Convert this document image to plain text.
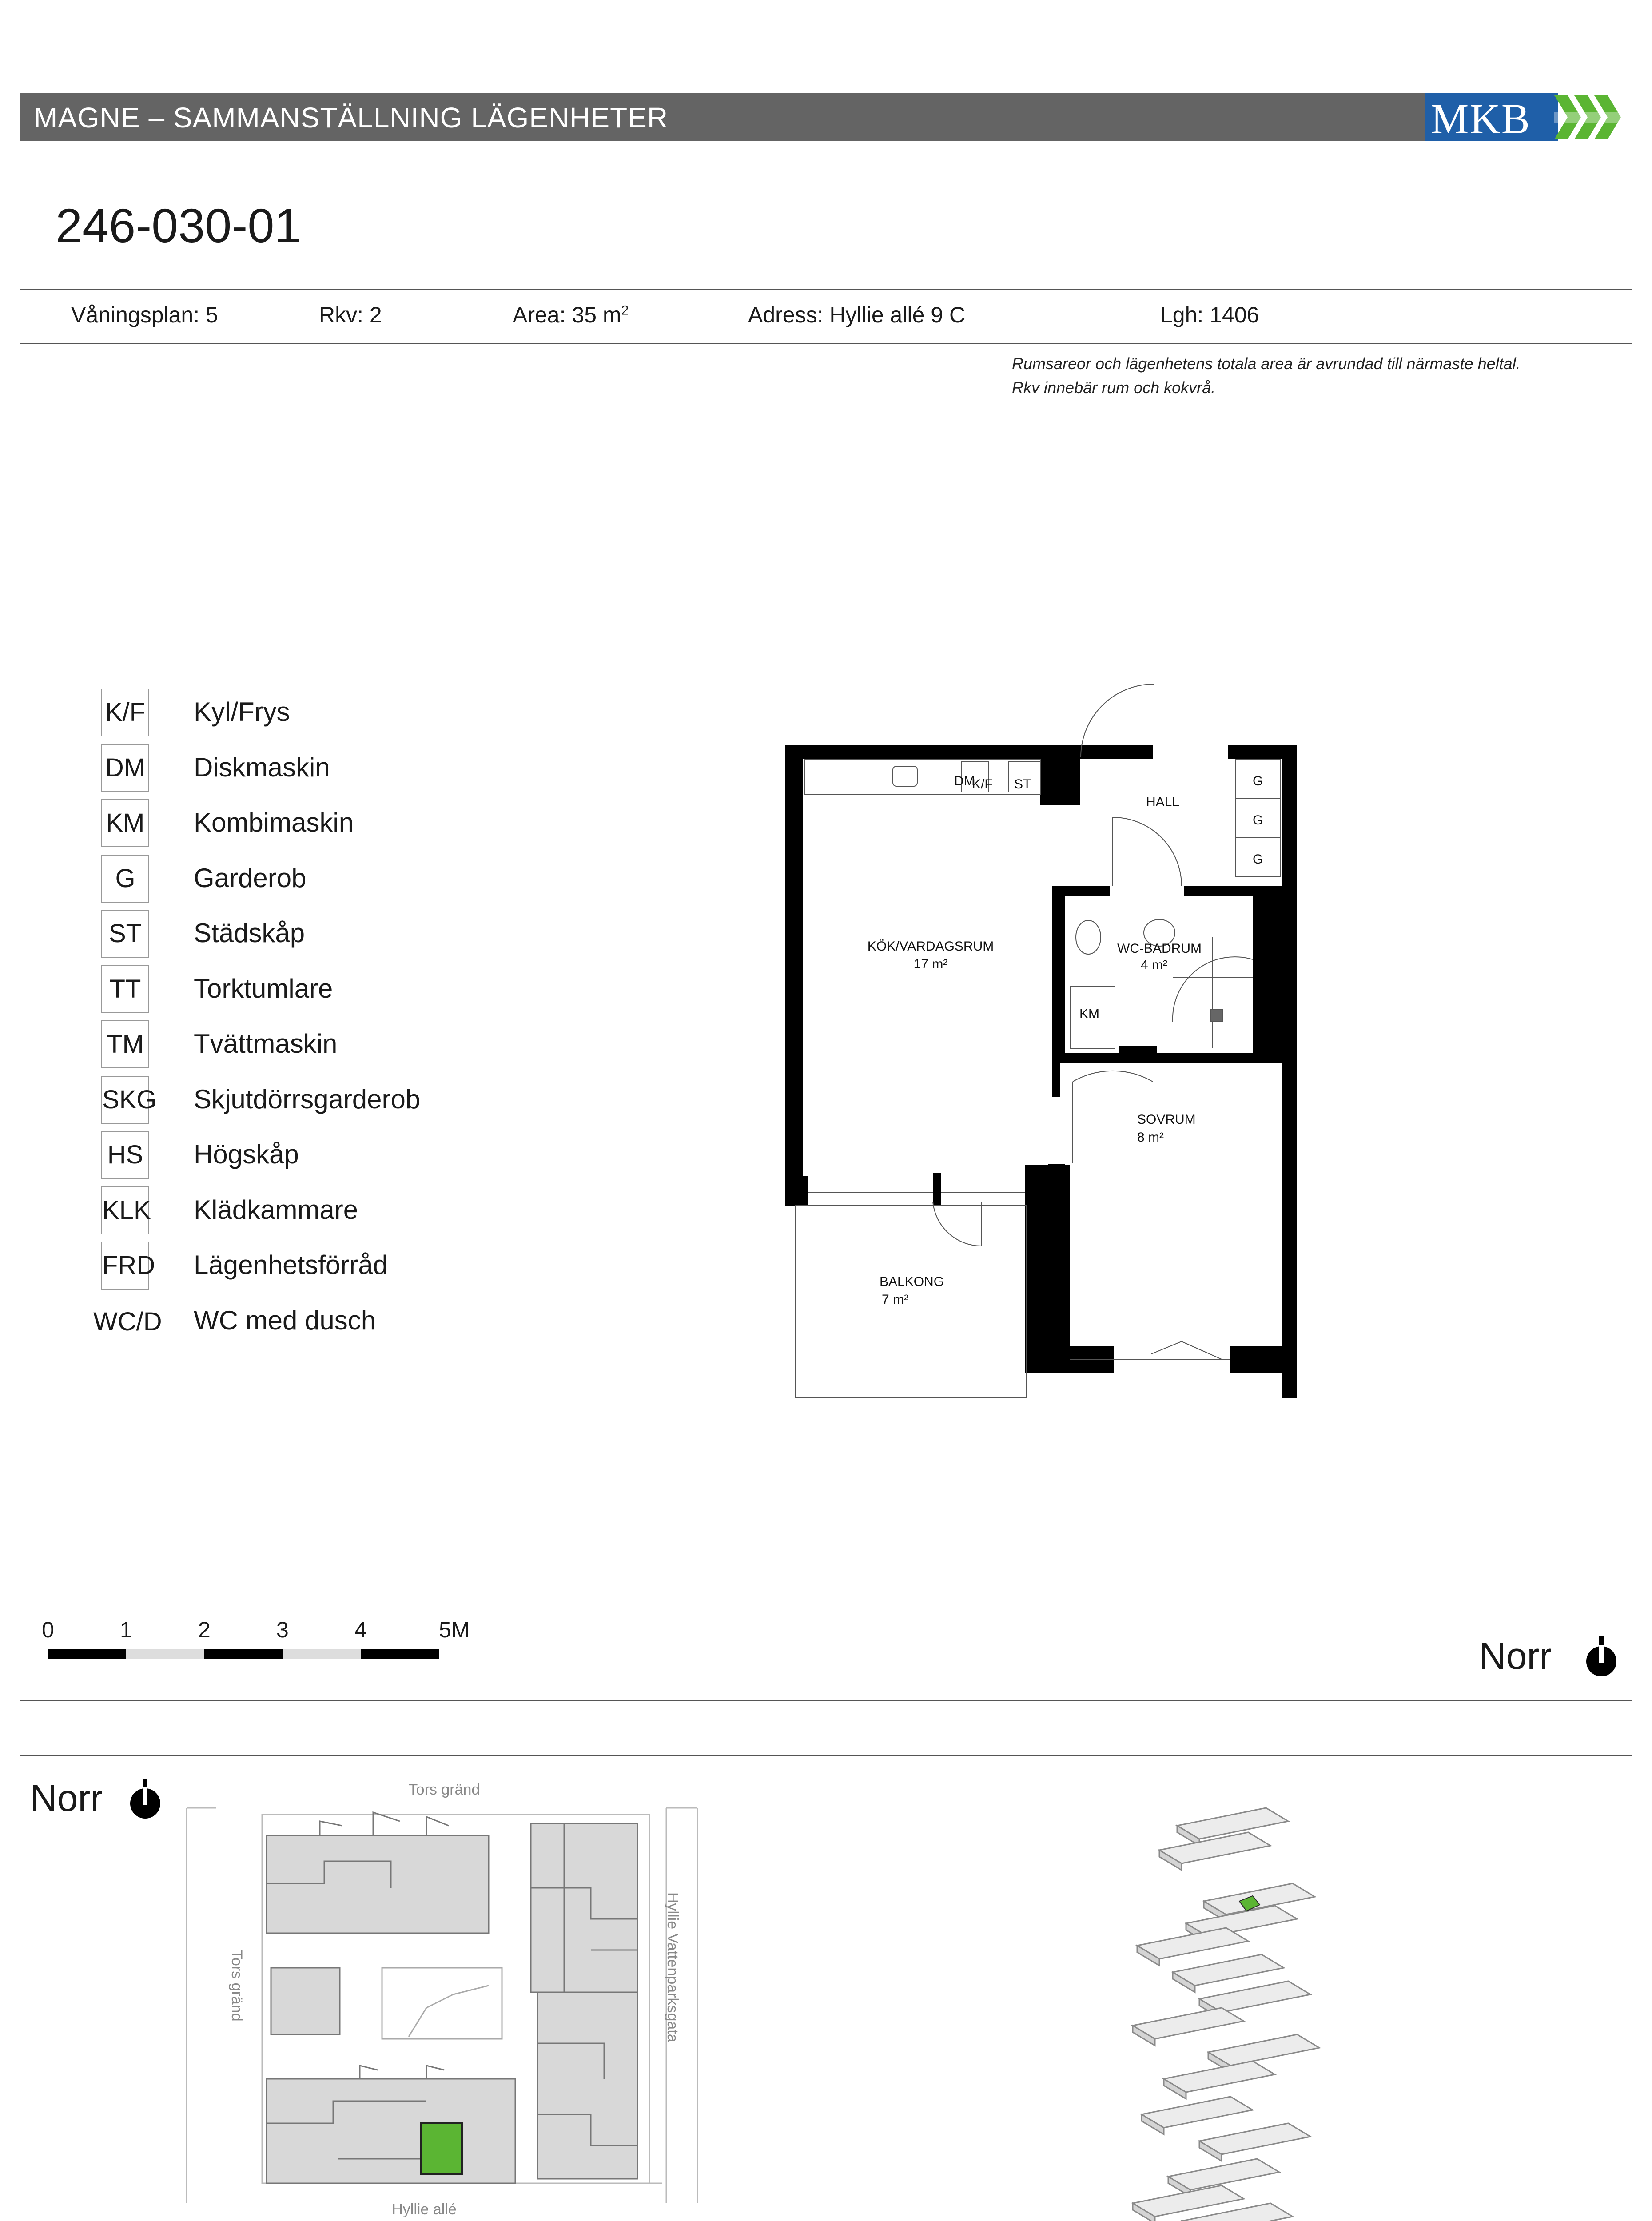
MAGNE – SAMMANSTÄLLNING LÄGENHETER	MKB
246-030-01
Våningsplan: 5	Rkv: 2	Area: 35 $m^2$	Adress: Hyllie allé 9 C	Lgh: 1406
Rumsareor och lägenhetens totala area är avrundad till närmaste heltal.
Rkv innebär rum och kokvrå.
K/F Kyl/Frys
DM Diskmaskin
KM Kombimaskin
G	Garderob
ST Städskåp
TT	Torktumlare
TM Tvättmaskin
SKG Skjutdörrsgarderob
HS Högskåp
KLK Klädkammare
FRD Lägenhetsförråd
WC/D WC med dusch
KÖK/VARDAGSRUM
17 m²
WC-BADRUM
4 m²
SOVRUM
8 m²
BALKONG
7 m²
HALL
DM
K/F ST
KM
G
G
G
0	1	2	3	4	5M
Norr
Norr	Tors gränd
Tors gränd	Hyllie Vattenparksgata
Hyllie allé
